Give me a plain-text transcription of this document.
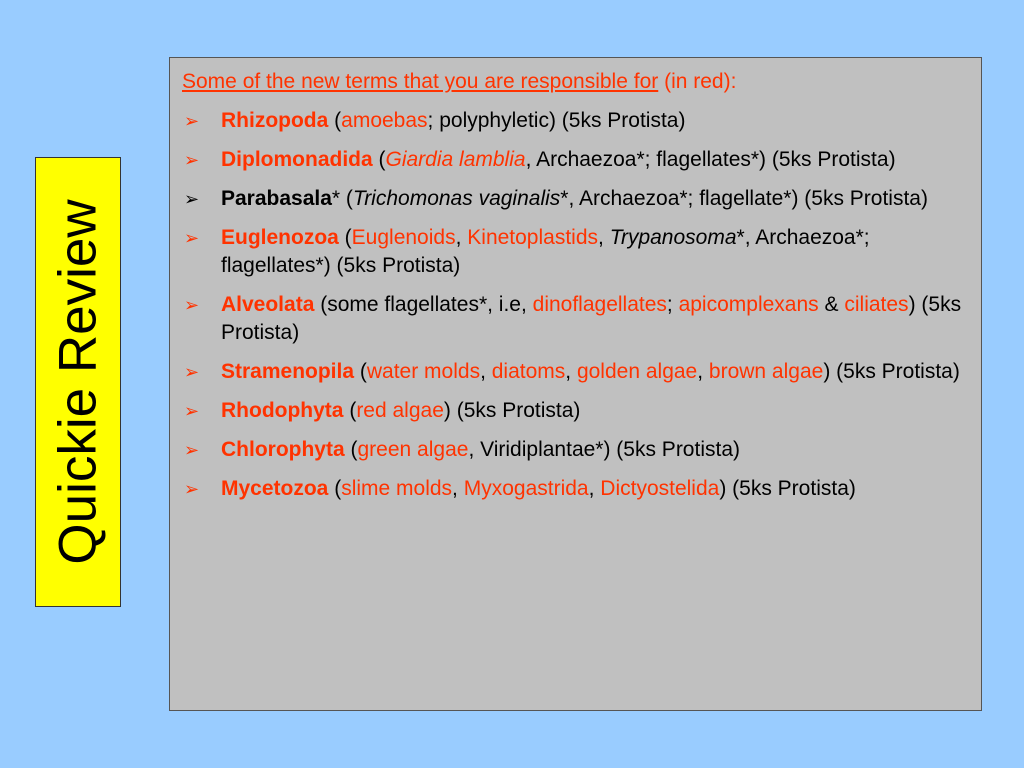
Quickie Review
Some of the new terms that you are responsible for (in red):
➢ Rhizopoda (amoebas; polyphyletic) (5ks Protista)
➢ Diplomonadida (Giardia lamblia, Archaezoa*; flagellates*) (5ks Protista)
➢ Parabasala* (Trichomonas vaginalis*, Archaezoa*; flagellate*) (5ks Protista)
➢ Euglenozoa (Euglenoids, Kinetoplastids, Trypanosoma*, Archaezoa*; flagellates*) (5ks Protista)
➢ Alveolata (some flagellates*, i.e, dinoflagellates; apicomplexans & ciliates) (5ks Protista)
➢ Stramenopila (water molds, diatoms, golden algae, brown algae) (5ks Protista)
➢ Rhodophyta (red algae) (5ks Protista)
➢ Chlorophyta (green algae, Viridiplantae*) (5ks Protista)
➢ Mycetozoa (slime molds, Myxogastrida, Dictyostelida) (5ks Protista)
